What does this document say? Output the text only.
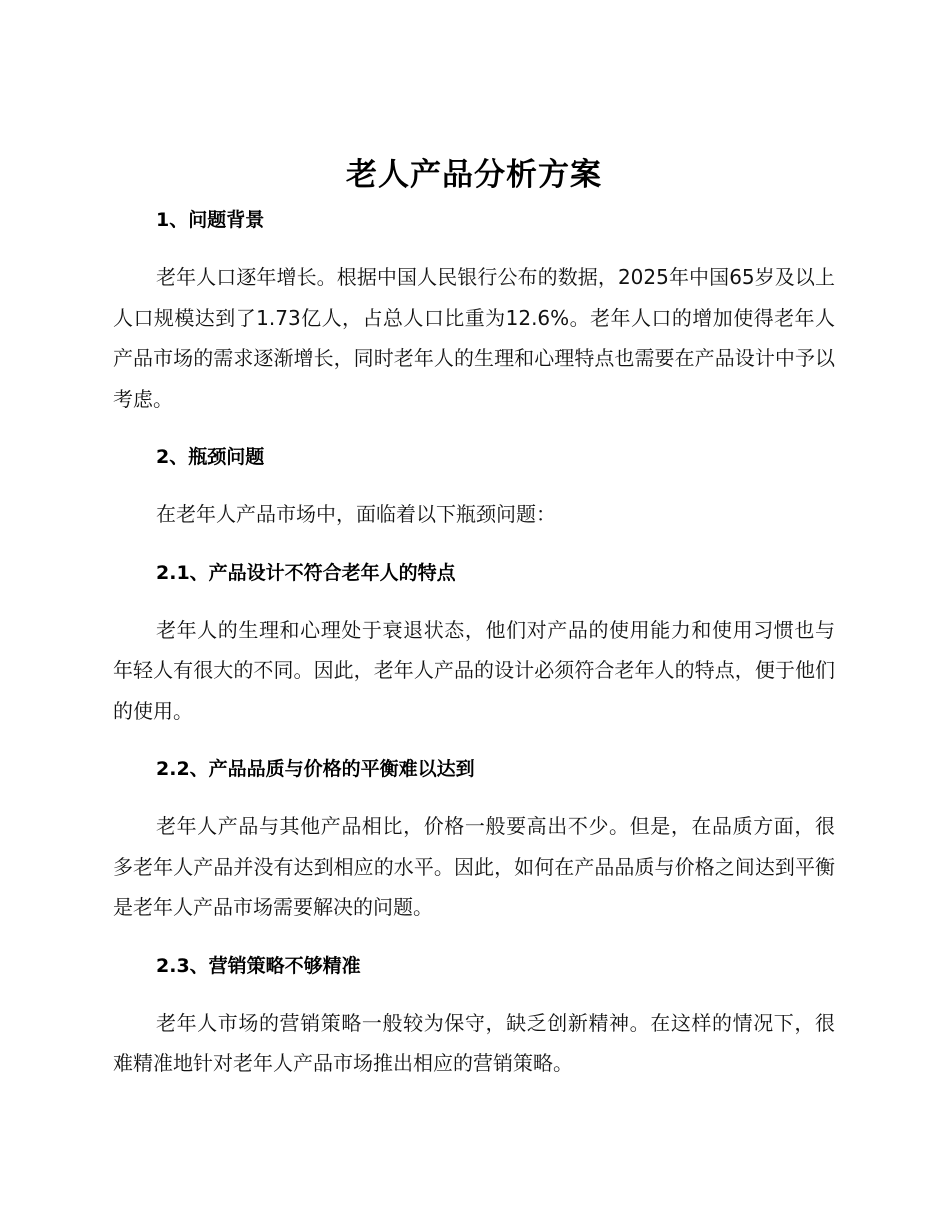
老人产品分析方案
1、问题背景

老年人口逐年增长。根据中国人民银行公布的数据，2025年中国65岁及以上人口规模达到了1.73亿人，占总人口比重为12.6%。老年人口的增加使得老年人产品市场的需求逐渐增长，同时老年人的生理和心理特点也需要在产品设计中予以考虑。

2、瓶颈问题

在老年人产品市场中，面临着以下瓶颈问题：

2.1、产品设计不符合老年人的特点

老年人的生理和心理处于衰退状态，他们对产品的使用能力和使用习惯也与年轻人有很大的不同。因此，老年人产品的设计必须符合老年人的特点，便于他们的使用。

2.2、产品品质与价格的平衡难以达到

老年人产品与其他产品相比，价格一般要高出不少。但是，在品质方面，很多老年人产品并没有达到相应的水平。因此，如何在产品品质与价格之间达到平衡是老年人产品市场需要解决的问题。

2.3、营销策略不够精准

老年人市场的营销策略一般较为保守，缺乏创新精神。在这样的情况下，很难精准地针对老年人产品市场推出相应的营销策略。
